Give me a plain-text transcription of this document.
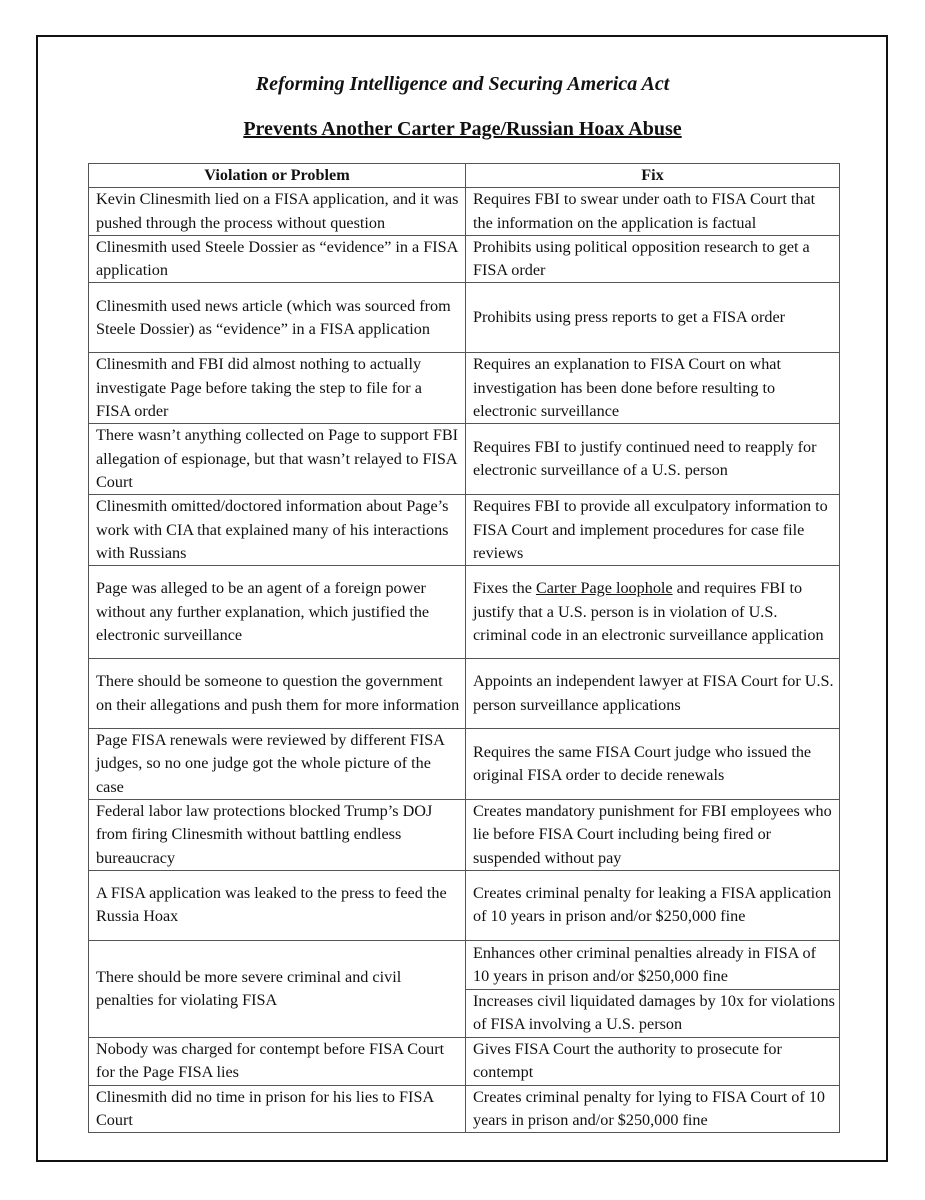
Reforming Intelligence and Securing America Act
Prevents Another Carter Page/Russian Hoax Abuse
Violation or Problem	Fix
Kevin Clinesmith lied on a FISA application, and it was pushed through the process without question	Requires FBI to swear under oath to FISA Court that the information on the application is factual
Clinesmith used Steele Dossier as “evidence” in a FISA application	Prohibits using political opposition research to get a FISA order
Clinesmith used news article (which was sourced from Steele Dossier) as “evidence” in a FISA application	Prohibits using press reports to get a FISA order
Clinesmith and FBI did almost nothing to actually investigate Page before taking the step to file for a FISA order	Requires an explanation to FISA Court on what investigation has been done before resulting to electronic surveillance
There wasn’t anything collected on Page to support FBI allegation of espionage, but that wasn’t relayed to FISA Court	Requires FBI to justify continued need to reapply for electronic surveillance of a U.S. person
Clinesmith omitted/doctored information about Page’s work with CIA that explained many of his interactions with Russians	Requires FBI to provide all exculpatory information to FISA Court and implement procedures for case file reviews
Page was alleged to be an agent of a foreign power without any further explanation, which justified the electronic surveillance	Fixes the Carter Page loophole and requires FBI to justify that a U.S. person is in violation of U.S. criminal code in an electronic surveillance application
There should be someone to question the government on their allegations and push them for more information	Appoints an independent lawyer at FISA Court for U.S. person surveillance applications
Page FISA renewals were reviewed by different FISA judges, so no one judge got the whole picture of the case	Requires the same FISA Court judge who issued the original FISA order to decide renewals
Federal labor law protections blocked Trump’s DOJ from firing Clinesmith without battling endless bureaucracy	Creates mandatory punishment for FBI employees who lie before FISA Court including being fired or suspended without pay
A FISA application was leaked to the press to feed the Russia Hoax	Creates criminal penalty for leaking a FISA application of 10 years in prison and/or $250,000 fine
There should be more severe criminal and civil penalties for violating FISA	Enhances other criminal penalties already in FISA of 10 years in prison and/or $250,000 fine
	Increases civil liquidated damages by 10x for violations of FISA involving a U.S. person
Nobody was charged for contempt before FISA Court for the Page FISA lies	Gives FISA Court the authority to prosecute for contempt
Clinesmith did no time in prison for his lies to FISA Court	Creates criminal penalty for lying to FISA Court of 10 years in prison and/or $250,000 fine
